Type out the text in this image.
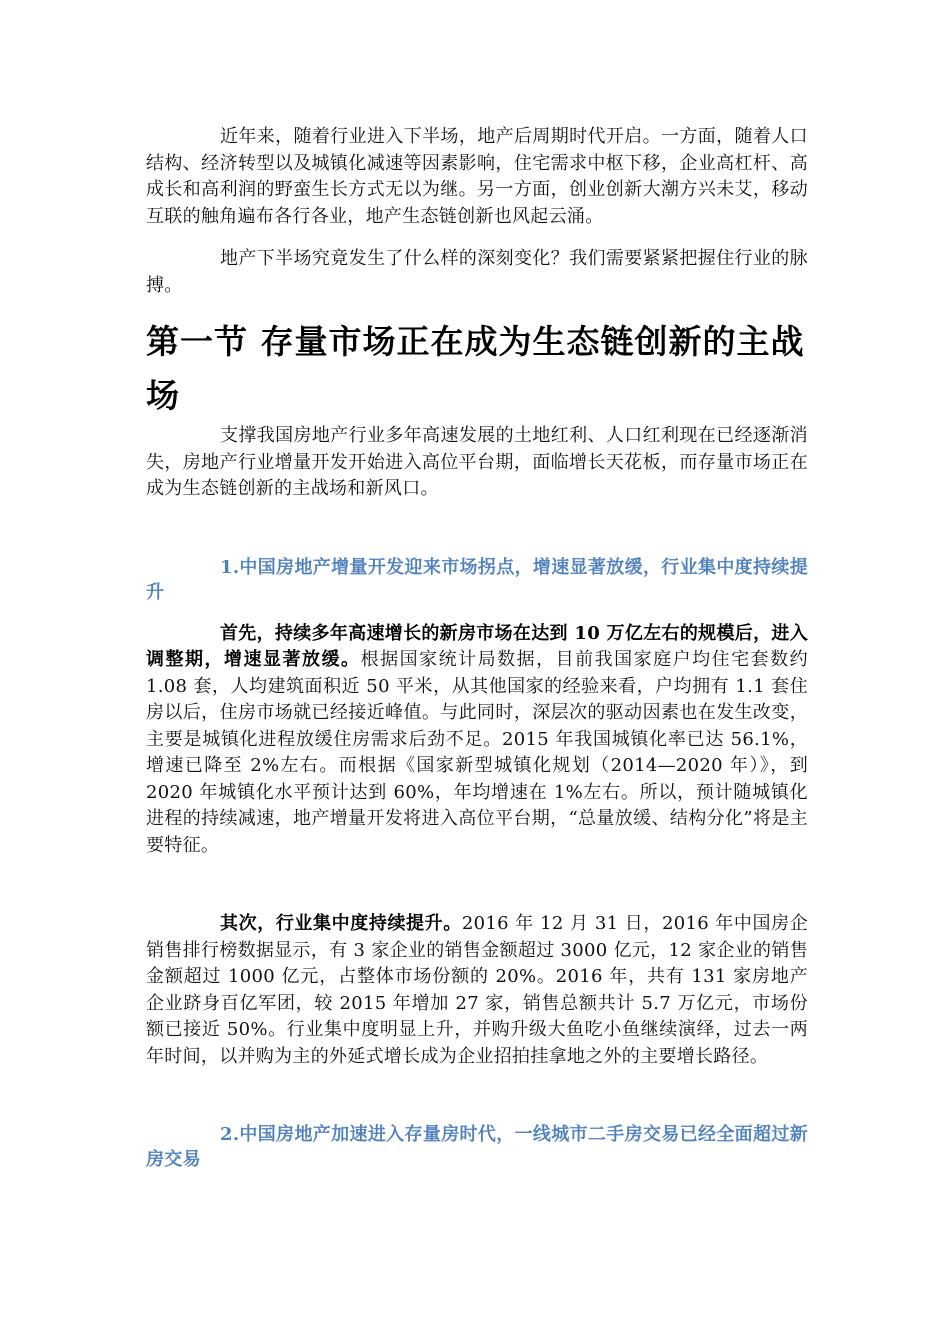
近年来，随着行业进入下半场，地产后周期时代开启。一方面，随着人口结构、经济转型以及城镇化减速等因素影响，住宅需求中枢下移，企业高杠杆、高成长和高利润的野蛮生长方式无以为继。另一方面，创业创新大潮方兴未艾，移动互联的触角遍布各行各业，地产生态链创新也风起云涌。

地产下半场究竟发生了什么样的深刻变化？我们需要紧紧把握住行业的脉搏。

第一节 存量市场正在成为生态链创新的主战场

支撑我国房地产行业多年高速发展的土地红利、人口红利现在已经逐渐消失，房地产行业增量开发开始进入高位平台期，面临增长天花板，而存量市场正在成为生态链创新的主战场和新风口。

1.中国房地产增量开发迎来市场拐点，增速显著放缓，行业集中度持续提升

首先，持续多年高速增长的新房市场在达到 10 万亿左右的规模后，进入调整期，增速显著放缓。根据国家统计局数据，目前我国家庭户均住宅套数约 1.08 套，人均建筑面积近 50 平米，从其他国家的经验来看，户均拥有 1.1 套住房以后，住房市场就已经接近峰值。与此同时，深层次的驱动因素也在发生改变，主要是城镇化进程放缓住房需求后劲不足。2015 年我国城镇化率已达 56.1%，增速已降至 2%左右。而根据《国家新型城镇化规划（2014—2020 年）》，到 2020 年城镇化水平预计达到 60%，年均增速在 1%左右。所以，预计随城镇化进程的持续减速，地产增量开发将进入高位平台期，“总量放缓、结构分化”将是主要特征。

其次，行业集中度持续提升。2016 年 12 月 31 日，2016 年中国房企销售排行榜数据显示，有 3 家企业的销售金额超过 3000 亿元，12 家企业的销售金额超过 1000 亿元，占整体市场份额的 20%。2016 年，共有 131 家房地产企业跻身百亿军团，较 2015 年增加 27 家，销售总额共计 5.7 万亿元，市场份额已接近 50%。行业集中度明显上升，并购升级大鱼吃小鱼继续演绎，过去一两年时间，以并购为主的外延式增长成为企业招拍挂拿地之外的主要增长路径。

2.中国房地产加速进入存量房时代，一线城市二手房交易已经全面超过新房交易
